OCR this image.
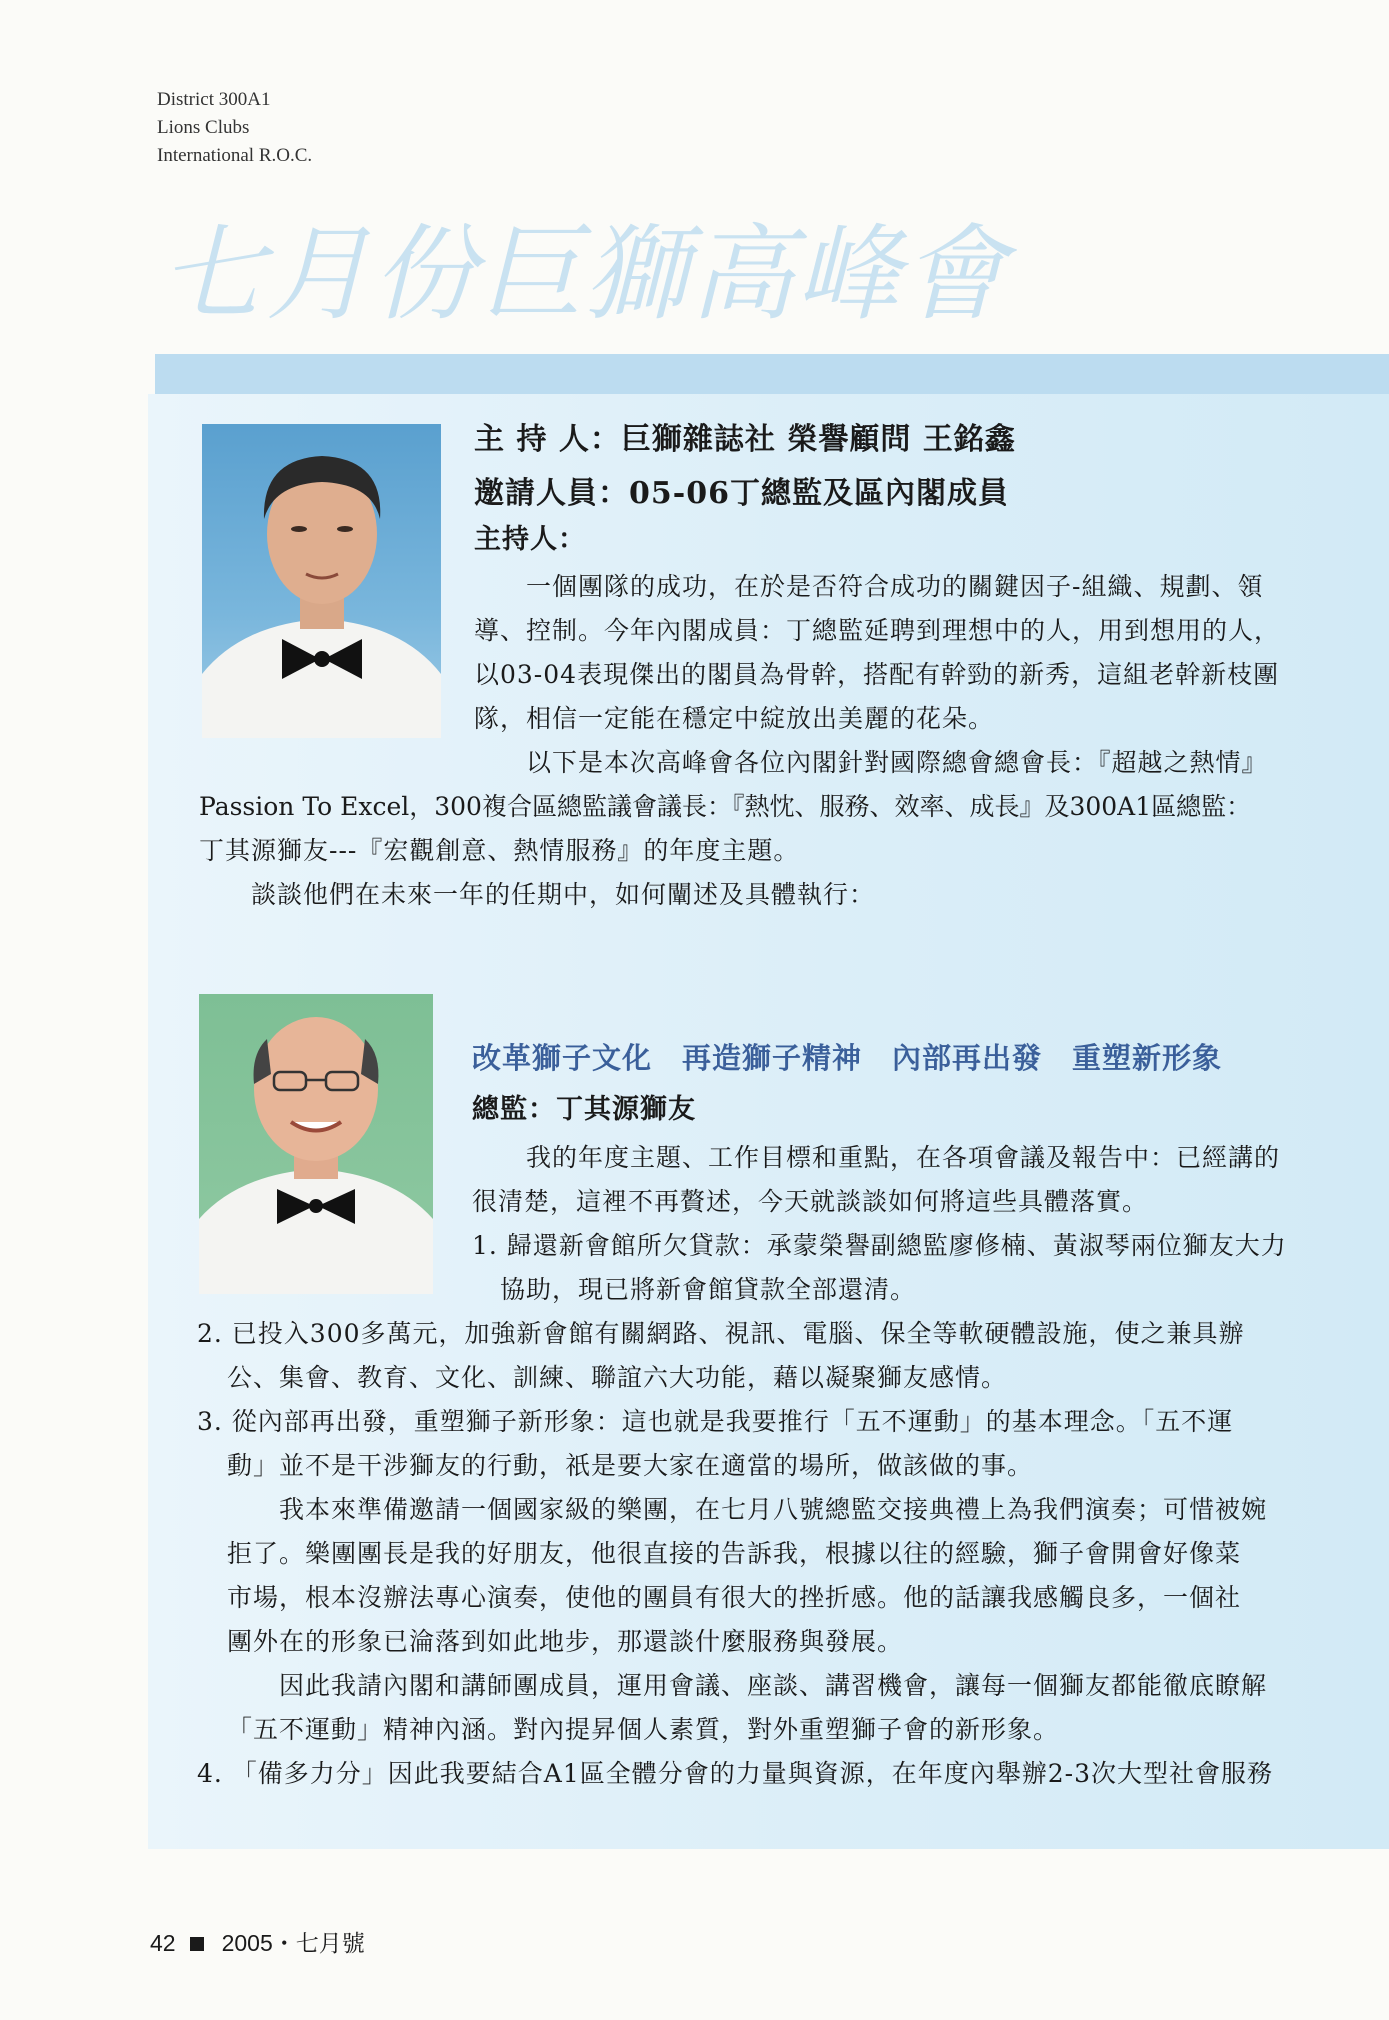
District 300A1
Lions Clubs
International R.O.C.
七月份巨獅高峰會
主 持 人：巨獅雜誌社 榮譽顧問 王銘鑫
邀請人員：05-06丁總監及區內閣成員
主持人：
一個團隊的成功，在於是否符合成功的關鍵因子-組織、規劃、領
導、控制。今年內閣成員：丁總監延聘到理想中的人，用到想用的人，
以03-04表現傑出的閣員為骨幹，搭配有幹勁的新秀，這組老幹新枝團
隊，相信一定能在穩定中綻放出美麗的花朵。
以下是本次高峰會各位內閣針對國際總會總會長：『超越之熱情』
Passion To Excel，300複合區總監議會議長：『熱忱、服務、效率、成長』及300A1區總監：
丁其源獅友---『宏觀創意、熱情服務』的年度主題。
談談他們在未來一年的任期中，如何闡述及具體執行：
改革獅子文化　再造獅子精神　內部再出發　重塑新形象
總監：丁其源獅友
我的年度主題、工作目標和重點，在各項會議及報告中：已經講的
很清楚，這裡不再贅述，今天就談談如何將這些具體落實。
1. 歸還新會館所欠貸款：承蒙榮譽副總監廖修楠、黃淑琴兩位獅友大力
協助，現已將新會館貸款全部還清。
2. 已投入300多萬元，加強新會館有關網路、視訊、電腦、保全等軟硬體設施，使之兼具辦
公、集會、教育、文化、訓練、聯誼六大功能，藉以凝聚獅友感情。
3. 從內部再出發，重塑獅子新形象：這也就是我要推行「五不運動」的基本理念。「五不運
動」並不是干涉獅友的行動，祇是要大家在適當的場所，做該做的事。
我本來準備邀請一個國家級的樂團，在七月八號總監交接典禮上為我們演奏；可惜被婉
拒了。樂團團長是我的好朋友，他很直接的告訴我，根據以往的經驗，獅子會開會好像菜
市場，根本沒辦法專心演奏，使他的團員有很大的挫折感。他的話讓我感觸良多，一個社
團外在的形象已淪落到如此地步，那還談什麼服務與發展。
因此我請內閣和講師團成員，運用會議、座談、講習機會，讓每一個獅友都能徹底瞭解
「五不運動」精神內涵。對內提昇個人素質，對外重塑獅子會的新形象。
4. 「備多力分」因此我要結合A1區全體分會的力量與資源，在年度內舉辦2-3次大型社會服務
42 2005・七月號
